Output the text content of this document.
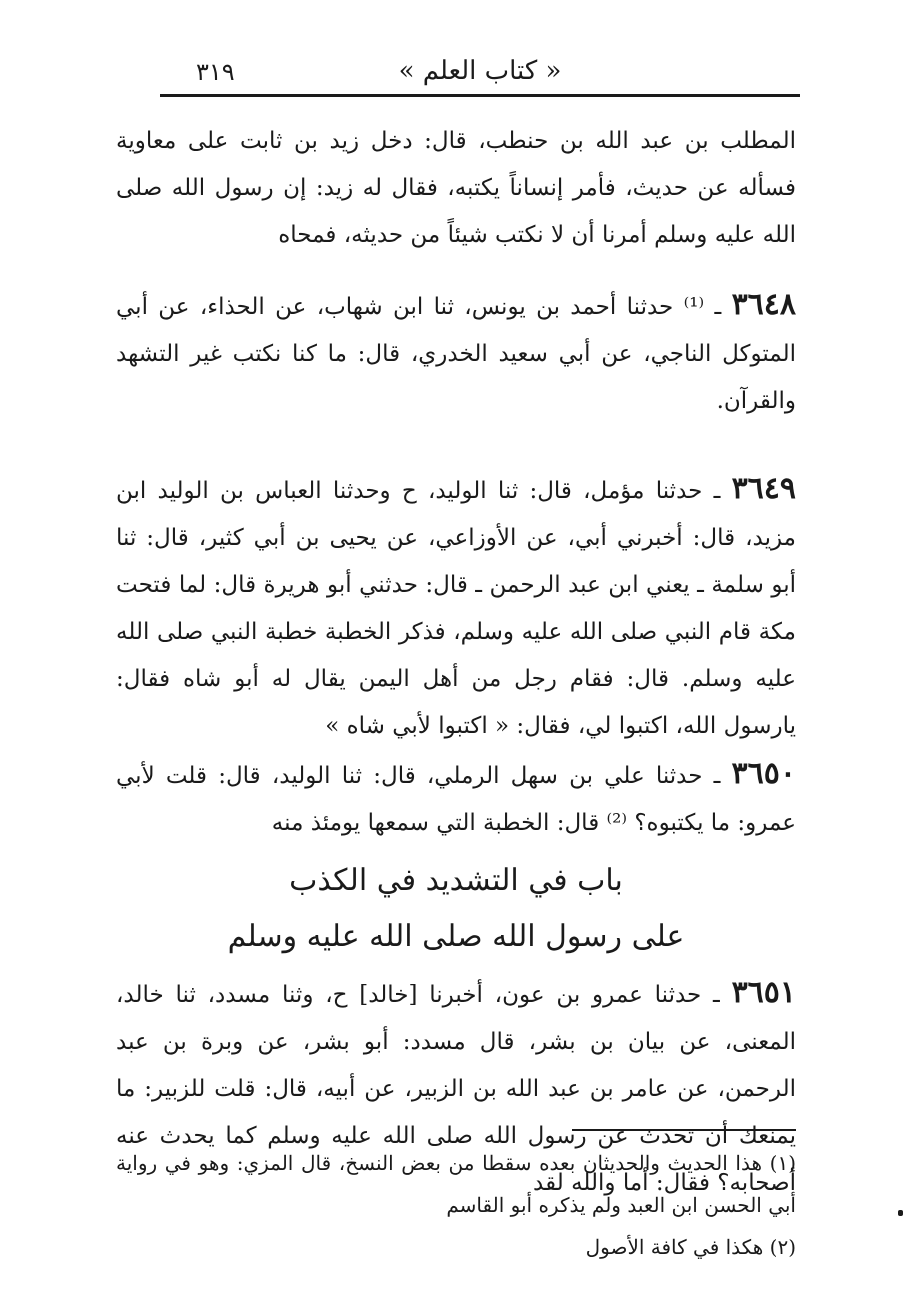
٣١٩	« كتاب العلم »

المطلب بن عبد الله بن حنطب، قال: دخل زيد بن ثابت على معاوية فسأله عن حديث، فأمر إنساناً يكتبه، فقال له زيد: إن رسول الله صلى الله عليه وسلم أمرنا أن لا نكتب شيئاً من حديثه، فمحاه

٣٦٤٨ ـ ⁽¹⁾ حدثنا أحمد بن يونس، ثنا ابن شهاب، عن الحذاء، عن أبي المتوكل الناجي، عن أبي سعيد الخدري، قال: ما كنا نكتب غير التشهد والقرآن.

٣٦٤٩ ـ حدثنا مؤمل، قال: ثنا الوليد، ح وحدثنا العباس بن الوليد ابن مزيد، قال: أخبرني أبي، عن الأوزاعي، عن يحيى بن أبي كثير، قال: ثنا أبو سلمة ـ يعني ابن عبد الرحمن ـ قال: حدثني أبو هريرة قال: لما فتحت مكة قام النبي صلى الله عليه وسلم، فذكر الخطبة خطبة النبي صلى الله عليه وسلم. قال: فقام رجل من أهل اليمن يقال له أبو شاه فقال: يارسول الله، اكتبوا لي، فقال: « اكتبوا لأبي شاه »

٣٦٥٠ ـ حدثنا علي بن سهل الرملي، قال: ثنا الوليد، قال: قلت لأبي عمرو: ما يكتبوه؟ ⁽²⁾ قال: الخطبة التي سمعها يومئذ منه

باب في التشديد في الكذب
على رسول الله صلى الله عليه وسلم

٣٦٥١ ـ حدثنا عمرو بن عون، أخبرنا [خالد] ح، وثنا مسدد، ثنا خالد، المعنى، عن بيان بن بشر، قال مسدد: أبو بشر، عن وبرة بن عبد الرحمن، عن عامر بن عبد الله بن الزبير، عن أبيه، قال: قلت للزبير: ما يمنعك أن تحدث عن رسول الله صلى الله عليه وسلم كما يحدث عنه أصحابه؟ فقال: أما والله لقد

(١) هذا الحديث والحديثان بعده سقطا من بعض النسخ، قال المزي: وهو في رواية أبي الحسن ابن العبد ولم يذكره أبو القاسم

(٢) هكذا في كافة الأصول
